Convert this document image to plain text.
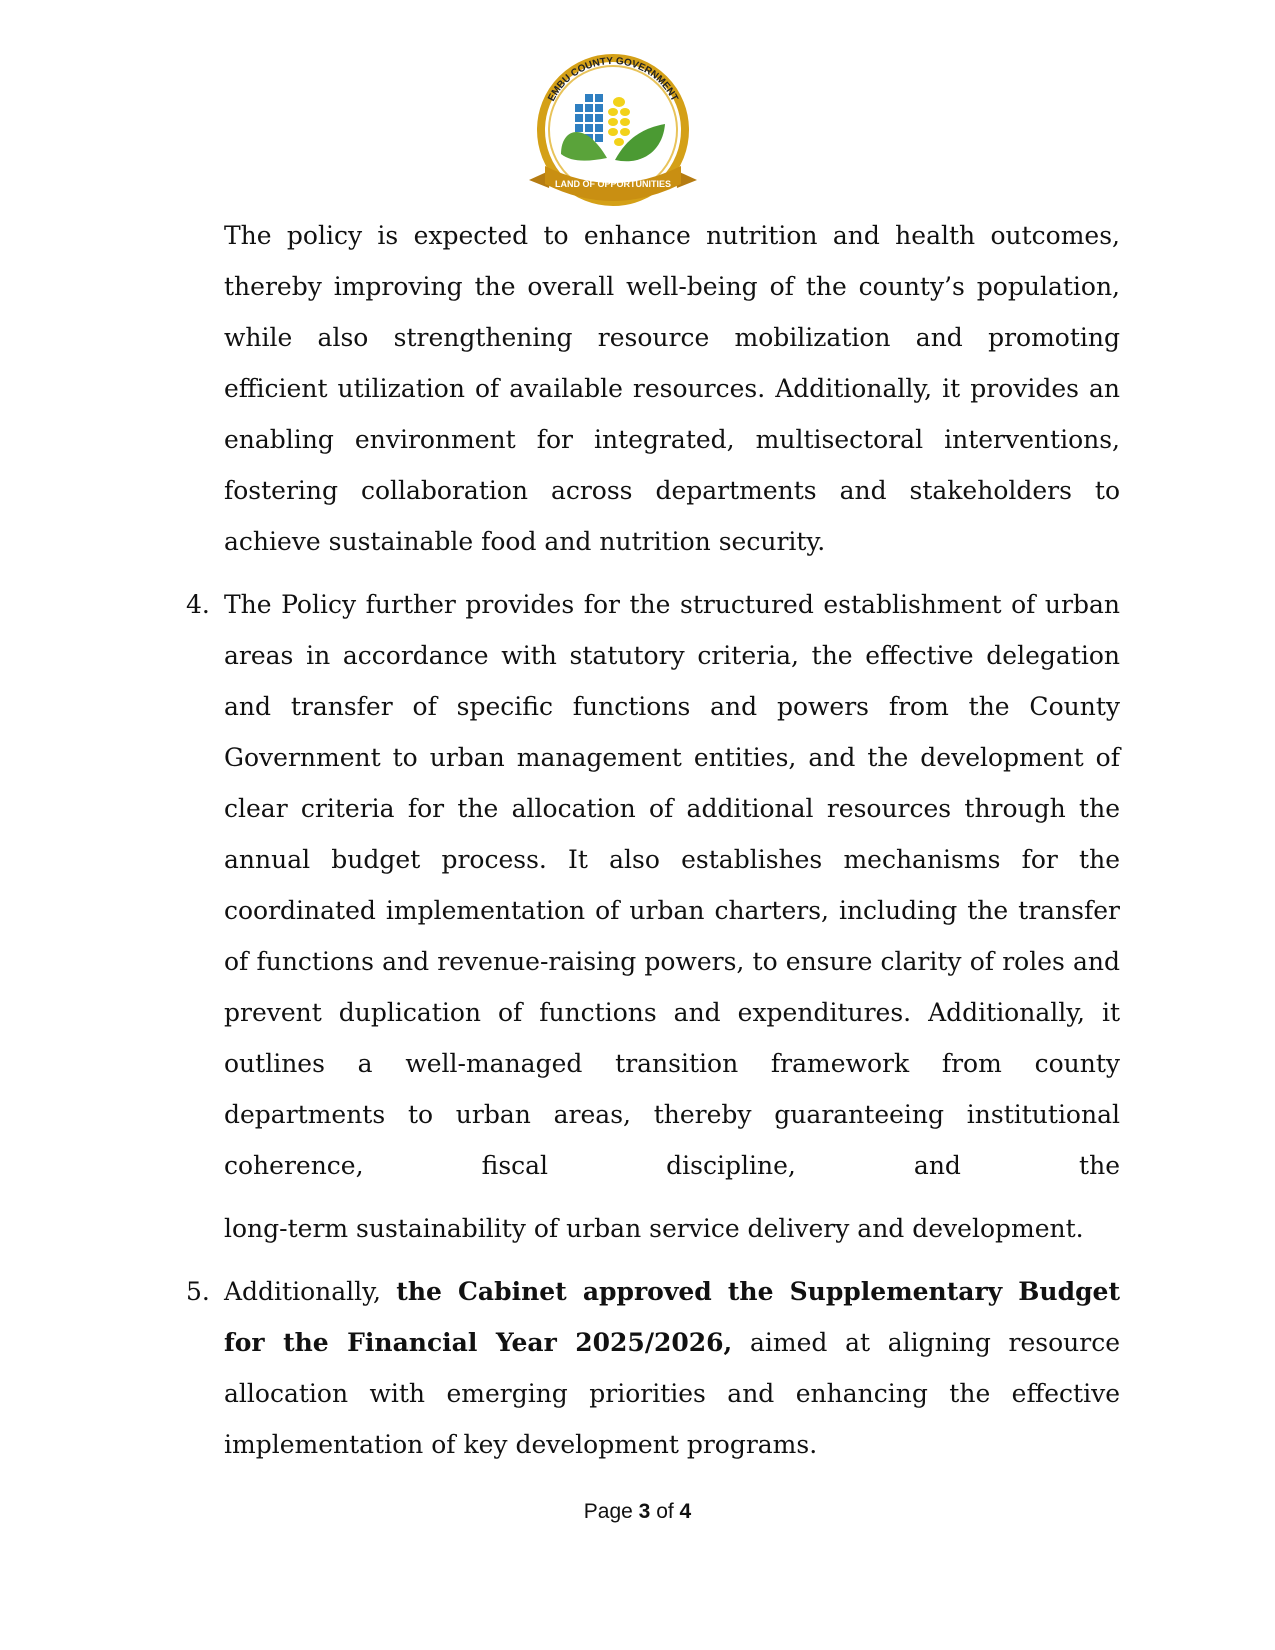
EMBU COUNTY GOVERNMENT
LAND OF OPPORTUNITIES

The policy is expected to enhance nutrition and health outcomes, thereby improving the overall well-being of the county’s population, while also strengthening resource mobilization and promoting efficient utilization of available resources. Additionally, it provides an enabling environment for integrated, multisectoral interventions, fostering collaboration across departments and stakeholders to achieve sustainable food and nutrition security.

4. The Policy further provides for the structured establishment of urban areas in accordance with statutory criteria, the effective delegation and transfer of specific functions and powers from the County Government to urban management entities, and the development of clear criteria for the allocation of additional resources through the annual budget process. It also establishes mechanisms for the coordinated implementation of urban charters, including the transfer of functions and revenue-raising powers, to ensure clarity of roles and prevent duplication of functions and expenditures. Additionally, it outlines a well-managed transition framework from county departments to urban areas, thereby guaranteeing institutional coherence, fiscal discipline, and the

long-term sustainability of urban service delivery and development.

5. Additionally, the Cabinet approved the Supplementary Budget for the Financial Year 2025/2026, aimed at aligning resource allocation with emerging priorities and enhancing the effective implementation of key development programs.

Page 3 of 4
